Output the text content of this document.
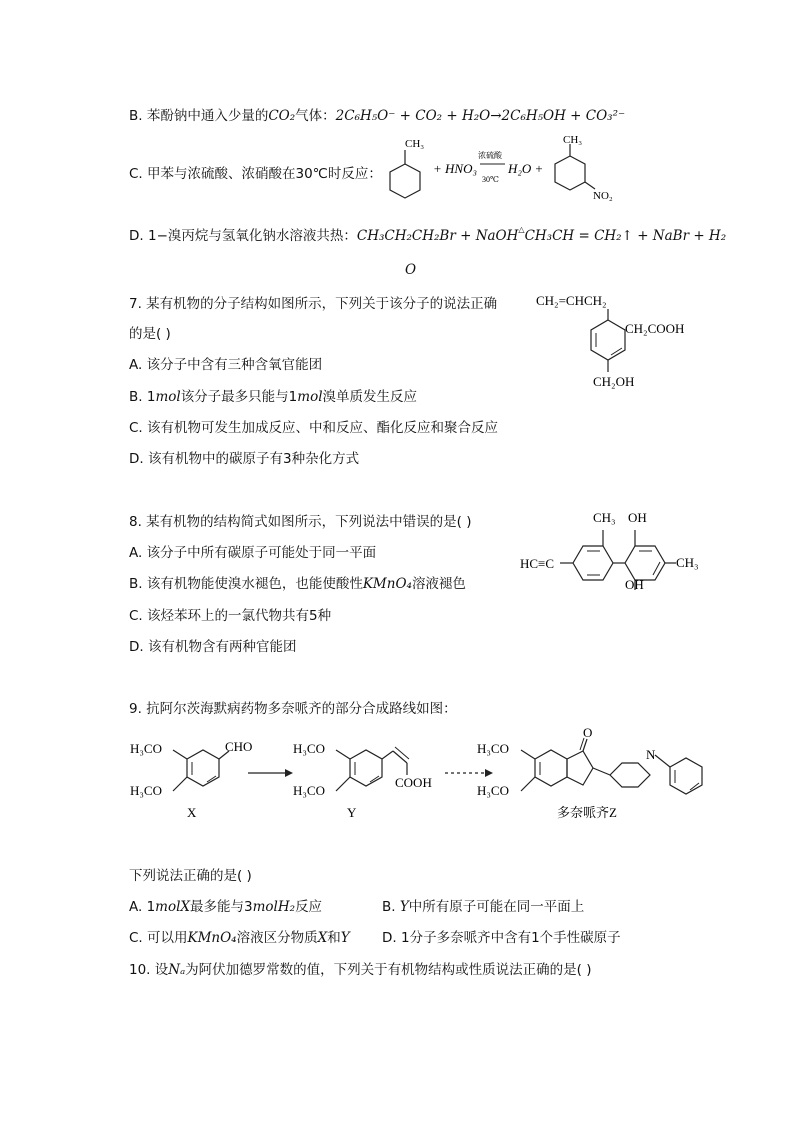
B. 苯酚钠中通入少量的CO₂气体：2C₆H₅O⁻ + CO₂ + H₂O→2C₆H₅OH + CO₃²⁻
C. 甲苯与浓硫酸、浓硝酸在30℃时反应：
CH₃
+ HNO₃
浓硫酸
30℃
H₂O +
CH₃
NO₂
D. 1−溴丙烷与氢氧化钠水溶液共热：CH₃CH₂CH₂Br + NaOH△CH₃CH = CH₂↑ + NaBr + H₂
O
7. 某有机物的分子结构如图所示，下列关于该分子的说法正确
的是( )
A. 该分子中含有三种含氧官能团
B. 1mol该分子最多只能与1mol溴单质发生反应
C. 该有机物可发生加成反应、中和反应、酯化反应和聚合反应
D. 该有机物中的碳原子有3种杂化方式
CH₂=CHCH₂
CH₂COOH
CH₂OH
8. 某有机物的结构简式如图所示，下列说法中错误的是( )
A. 该分子中所有碳原子可能处于同一平面
B. 该有机物能使溴水褪色，也能使酸性KMnO₄溶液褪色
C. 该烃苯环上的一氯代物共有5种
D. 该有机物含有两种官能团
HC≡C
CH₃ OH
CH₃
OH
9. 抗阿尔茨海默病药物多奈哌齐的部分合成路线如图：
H₃CO
H₃CO
CHO
X
H₃CO
H₃CO
COOH
Y
H₃CO
H₃CO
O
N
多奈哌齐Z
下列说法正确的是( )
A. 1molX最多能与3molH₂反应	B. Y中所有原子可能在同一平面上
C. 可以用KMnO₄溶液区分物质X和Y D. 1分子多奈哌齐中含有1个手性碳原子
10. 设Nₐ为阿伏加德罗常数的值，下列关于有机物结构或性质说法正确的是( )
